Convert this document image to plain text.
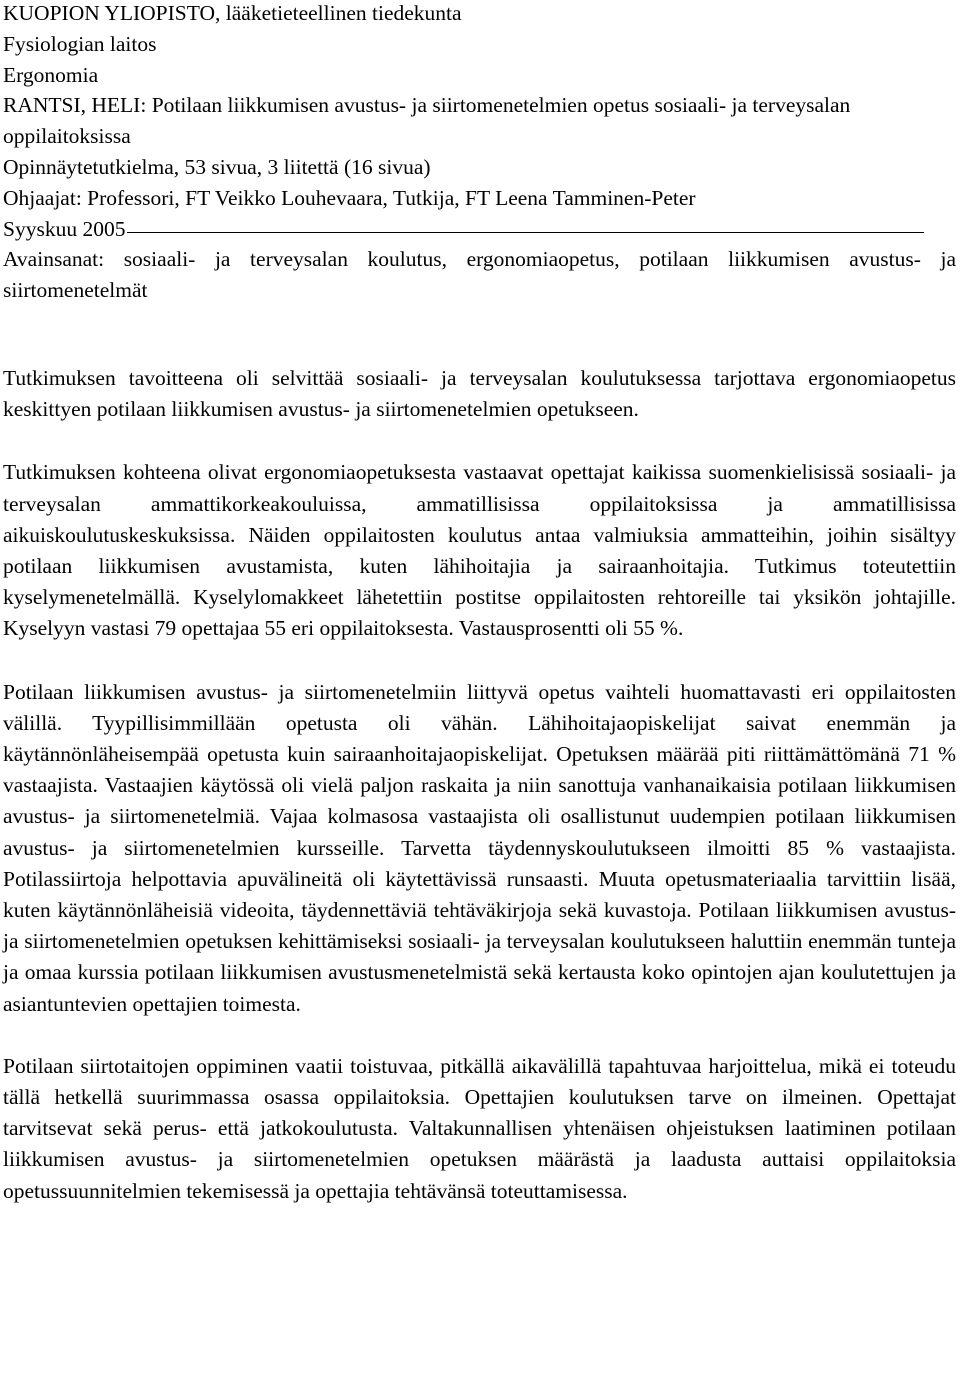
KUOPION YLIOPISTO, lääketieteellinen tiedekunta
Fysiologian laitos
Ergonomia
RANTSI, HELI: Potilaan liikkumisen avustus- ja siirtomenetelmien opetus sosiaali- ja terveysalan oppilaitoksissa
Opinnäytetutkielma, 53 sivua, 3 liitettä (16 sivua)
Ohjaajat: Professori, FT Veikko Louhevaara, Tutkija, FT Leena Tamminen-Peter
Syyskuu 2005
Avainsanat: sosiaali- ja terveysalan koulutus, ergonomiaopetus, potilaan liikkumisen avustus- ja siirtomenetelmät

Tutkimuksen tavoitteena oli selvittää sosiaali- ja terveysalan koulutuksessa tarjottava ergonomiaopetus keskittyen potilaan liikkumisen avustus- ja siirtomenetelmien opetukseen.

Tutkimuksen kohteena olivat ergonomiaopetuksesta vastaavat opettajat kaikissa suomenkielisissä sosiaali- ja terveysalan ammattikorkeakouluissa, ammatillisissa oppilaitoksissa ja ammatillisissa aikuiskoulutuskeskuksissa. Näiden oppilaitosten koulutus antaa valmiuksia ammatteihin, joihin sisältyy potilaan liikkumisen avustamista, kuten lähihoitajia ja sairaanhoitajia. Tutkimus toteutettiin kyselymenetelmällä. Kyselylomakkeet lähetettiin postitse oppilaitosten rehtoreille tai yksikön johtajille. Kyselyyn vastasi 79 opettajaa 55 eri oppilaitoksesta. Vastausprosentti oli 55 %.

Potilaan liikkumisen avustus- ja siirtomenetelmiin liittyvä opetus vaihteli huomattavasti eri oppilaitosten välillä. Tyypillisimmillään opetusta oli vähän. Lähihoitajaopiskelijat saivat enemmän ja käytännönläheisempää opetusta kuin sairaanhoitajaopiskelijat. Opetuksen määrää piti riittämättömänä 71 % vastaajista. Vastaajien käytössä oli vielä paljon raskaita ja niin sanottuja vanhanaikaisia potilaan liikkumisen avustus- ja siirtomenetelmiä. Vajaa kolmasosa vastaajista oli osallistunut uudempien potilaan liikkumisen avustus- ja siirtomenetelmien kursseille. Tarvetta täydennyskoulutukseen ilmoitti 85 % vastaajista. Potilassiirtoja helpottavia apuvälineitä oli käytettävissä runsaasti. Muuta opetusmateriaalia tarvittiin lisää, kuten käytännönläheisiä videoita, täydennettäviä tehtäväkirjoja sekä kuvastoja. Potilaan liikkumisen avustus- ja siirtomenetelmien opetuksen kehittämiseksi sosiaali- ja terveysalan koulutukseen haluttiin enemmän tunteja ja omaa kurssia potilaan liikkumisen avustusmenetelmistä sekä kertausta koko opintojen ajan koulutettujen ja asiantuntevien opettajien toimesta.

Potilaan siirtotaitojen oppiminen vaatii toistuvaa, pitkällä aikavälillä tapahtuvaa harjoittelua, mikä ei toteudu tällä hetkellä suurimmassa osassa oppilaitoksia. Opettajien koulutuksen tarve on ilmeinen. Opettajat tarvitsevat sekä perus- että jatkokoulutusta. Valtakunnallisen yhtenäisen ohjeistuksen laatiminen potilaan liikkumisen avustus- ja siirtomenetelmien opetuksen määrästä ja laadusta auttaisi oppilaitoksia opetussuunnitelmien tekemisessä ja opettajia tehtävänsä toteuttamisessa.
